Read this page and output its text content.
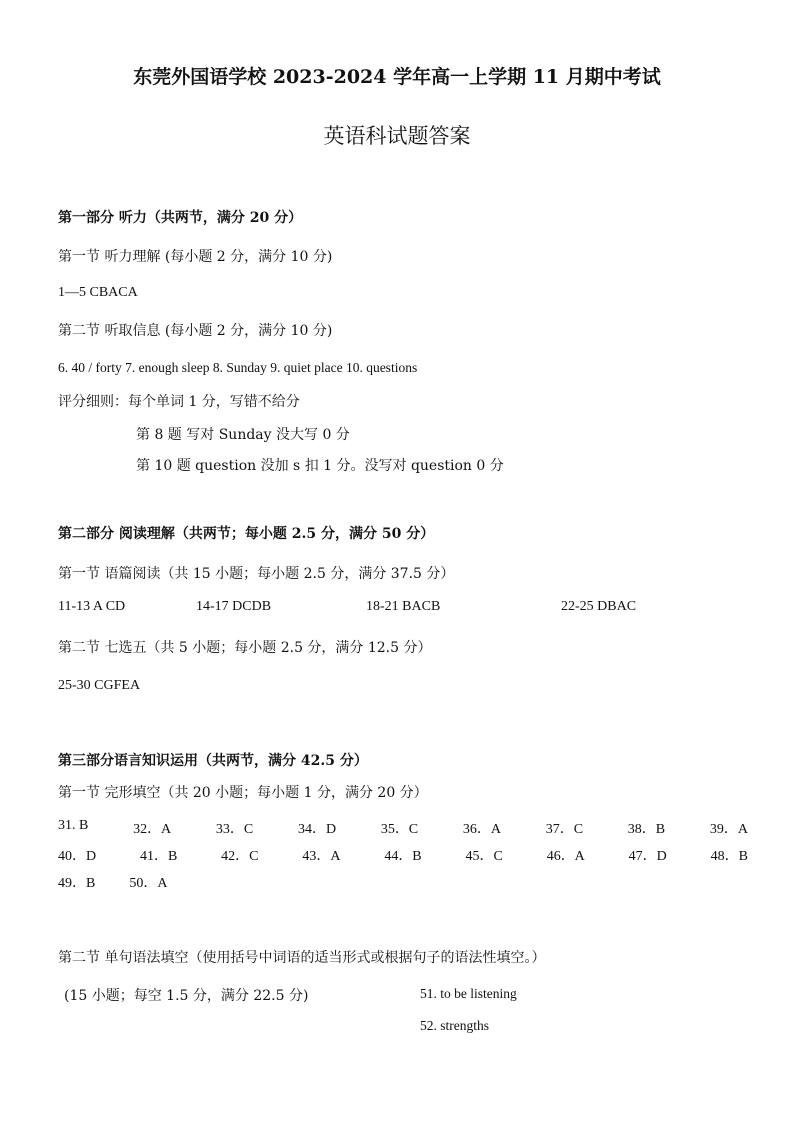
东莞外国语学校 2023-2024 学年高一上学期 11 月期中考试
英语科试题答案
第一部分 听力（共两节，满分 20 分）
第一节 听力理解 (每小题 2 分，满分 10 分)
1—5 CBACA
第二节 听取信息 (每小题 2 分，满分 10 分)
6. 40 / forty 7. enough sleep 8. Sunday 9. quiet place 10. questions
评分细则：每个单词 1 分，写错不给分
第 8 题 写对 Sunday 没大写 0 分
第 10 题 question 没加 s 扣 1 分。没写对 question 0 分
第二部分 阅读理解（共两节；每小题 2.5 分，满分 50 分）
第一节 语篇阅读（共 15 小题；每小题 2.5 分，满分 37.5 分）
11-13 A CD	14-17 DCDB	18-21 BACB	22-25 DBAC
第二节 七选五（共 5 小题；每小题 2.5 分，满分 12.5 分）
25-30 CGFEA
第三部分语言知识运用（共两节，满分 42.5 分）
第一节 完形填空（共 20 小题；每小题 1 分，满分 20 分）
31. B	32．A	33．C	34．D	35．C	36．A	37．C	38．B	39．A
40．D	41．B	42．C	43．A	44．B	45．C	46．A	47．D	48．B
49．B 50．A
第二节 单句语法填空（使用括号中词语的适当形式或根据句子的语法性填空。）
(15 小题；每空 1.5 分，满分 22.5 分)	51. to be listening
52. strengths
